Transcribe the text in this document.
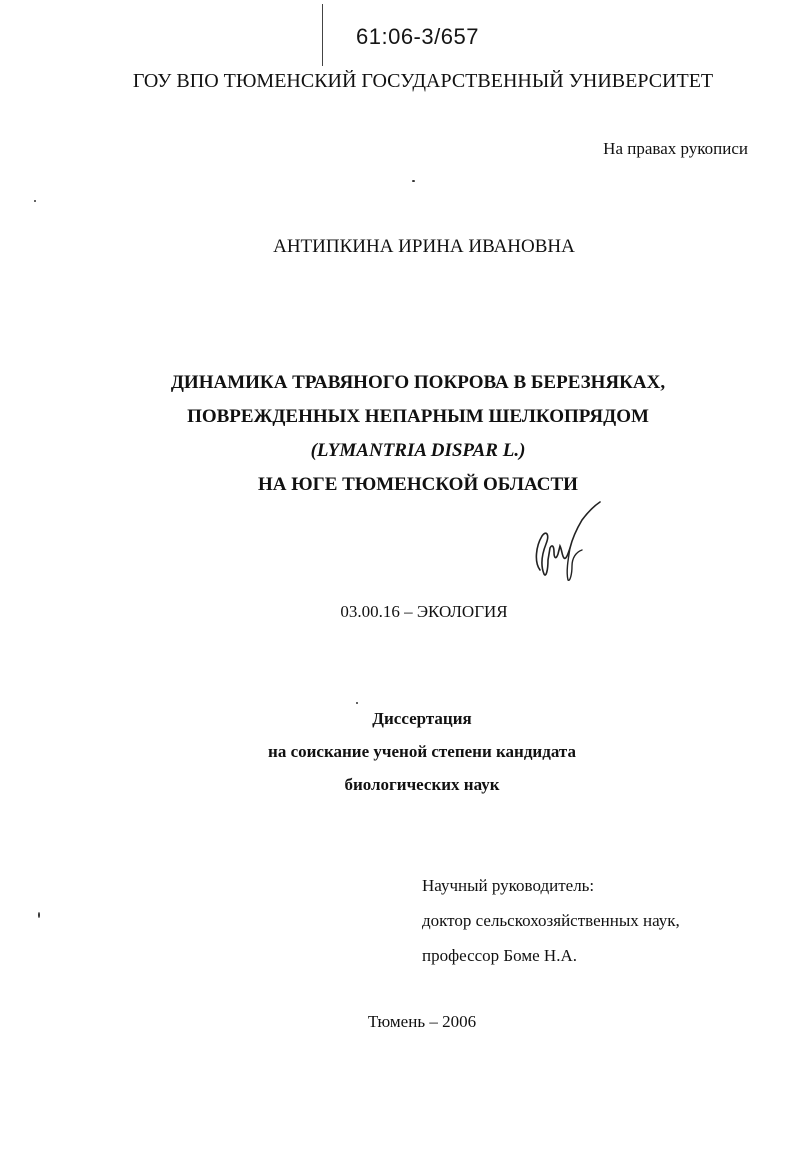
61:06-3/657
ГОУ ВПО ТЮМЕНСКИЙ ГОСУДАРСТВЕННЫЙ УНИВЕРСИТЕТ
На правах рукописи
АНТИПКИНА ИРИНА ИВАНОВНА
ДИНАМИКА ТРАВЯНОГО ПОКРОВА В БЕРЕЗНЯКАХ,
ПОВРЕЖДЕННЫХ НЕПАРНЫМ ШЕЛКОПРЯДОМ
(LYMANTRIA DISPAR L.)
НА ЮГЕ ТЮМЕНСКОЙ ОБЛАСТИ
03.00.16 – ЭКОЛОГИЯ
Диссертация
на соискание ученой степени кандидата
биологических наук
Научный руководитель:
доктор сельскохозяйственных наук,
профессор Боме Н.А.
Тюмень – 2006
